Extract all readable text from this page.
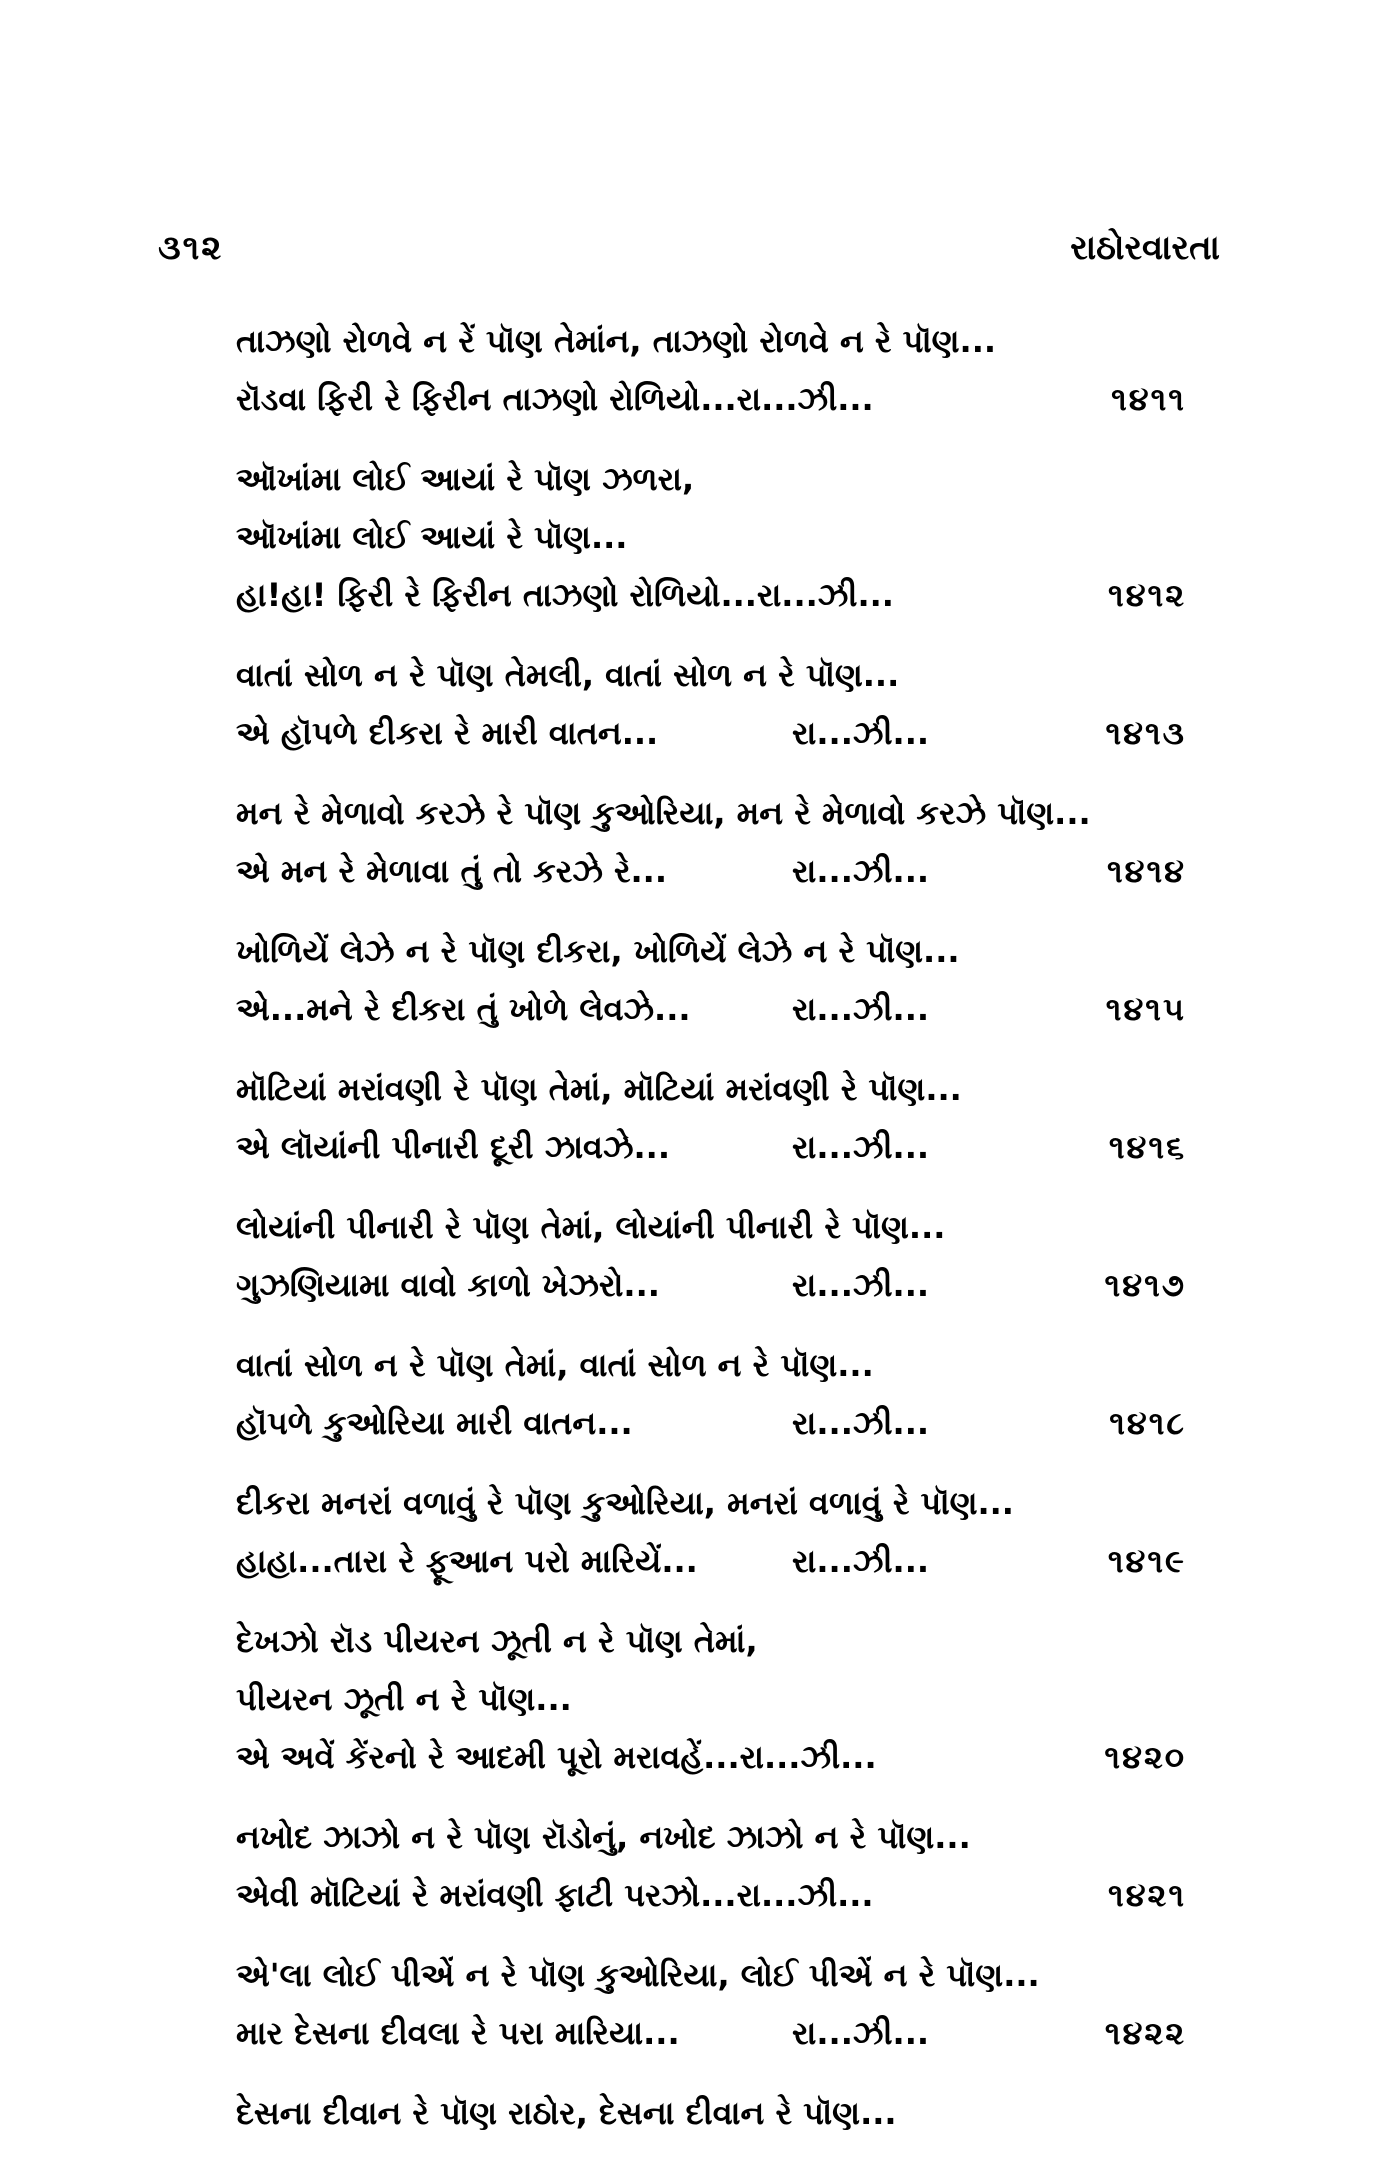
૩૧૨	રાઠોરવારતા
તાઝણો રોળવે ન રેં પૉણ તેમાંન, તાઝણો રોળવે ન રે પૉણ...
રૉડવા ફિરી રે ફિરીન તાઝણો રોળિયો...રા...ઝી...	૧૪૧૧
ઑખાંમા લોઈ આયાં રે પૉણ ઝળરા,
ઑખાંમા લોઈ આયાં રે પૉણ...
હા!હા! ફિરી રે ફિરીન તાઝણો રોળિયો...રા...ઝી...	૧૪૧૨
વાતાં સોળ ન રે પૉણ તેમલી, વાતાં સોળ ન રે પૉણ...
એ હૉપળે દીકરા રે મારી વાતન...	રા...ઝી...	૧૪૧૩
મન રે મેળાવો કરઝે રે પૉણ કુઓરિયા, મન રે મેળાવો કરઝે પૉણ...
એ મન રે મેળાવા તું તો કરઝે રે...	રા...ઝી...	૧૪૧૪
ખોળિયેં લેઝે ન રે પૉણ દીકરા, ખોળિયેં લેઝે ન રે પૉણ...
એ...મને રે દીકરા તું ખોળે લેવઝે...	રા...ઝી...	૧૪૧૫
મૉટિયાં મરાંવણી રે પૉણ તેમાં, મૉટિયાં મરાંવણી રે પૉણ...
એ લૉયાંની પીનારી દૂરી ઝાવઝે...	રા...ઝી...	૧૪૧૬
લોયાંની પીનારી રે પૉણ તેમાં, લોયાંની પીનારી રે પૉણ...
ગુઝણિયામા વાવો કાળો ખેઝરો...	રા...ઝી...	૧૪૧૭
વાતાં સોળ ન રે પૉણ તેમાં, વાતાં સોળ ન રે પૉણ...
હૉપળે કુઓરિયા મારી વાતન...	રા...ઝી...	૧૪૧૮
દીકરા મનરાં વળાવું રે પૉણ કુઓરિયા, મનરાં વળાવું રે પૉણ...
હાહા...તારા રે ફૂઆન પરો મારિયેં...	રા...ઝી...	૧૪૧૯
દેખઝો રૉડ પીયરન ઝૂતી ન રે પૉણ તેમાં,
પીયરન ઝૂતી ન રે પૉણ...
એ અવેં કેંરનો રે આદમી પૂરો મરાવહેં...રા...ઝી...	૧૪૨૦
નખોદ ઝાઝો ન રે પૉણ રૉડોનું, નખોદ ઝાઝો ન રે પૉણ...
એવી મૉટિયાં રે મરાંવણી ફાટી પરઝો...રા...ઝી...	૧૪૨૧
એ'લા લોઈ પીએં ન રે પૉણ કુઓરિયા, લોઈ પીએં ન રે પૉણ...
માર દેસના દીવલા રે પરા મારિયા...	રા...ઝી...	૧૪૨૨
દેસના દીવાન રે પૉણ રાઠોર, દેસના દીવાન રે પૉણ...
